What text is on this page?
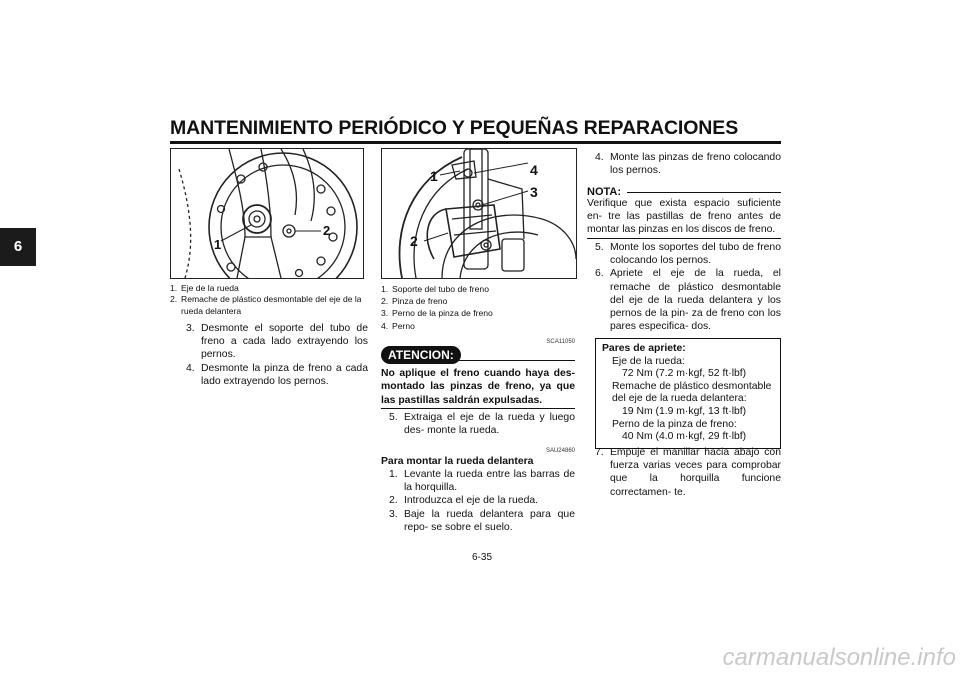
MANTENIMIENTO PERIÓDICO Y PEQUEÑAS REPARACIONES
6	1
2
1. Eje de la rueda
2. Remache de plástico desmontable del eje de la rueda delantera

3. Desmonte el soporte del tubo de freno a cada lado extrayendo los pernos.

4. Desmonte la pinza de freno a cada lado extrayendo los pernos.

1
2
3
4
1. Soporte del tubo de freno
2. Pinza de freno
3. Perno de la pinza de freno
4. Perno
SCA11050
ATENCION:
No aplique el freno cuando haya des- montado las pinzas de freno, ya que las pastillas saldrán expulsadas.

5. Extraiga el eje de la rueda y luego des- monte la rueda.

SAU24860
Para montar la rueda delantera

1. Levante la rueda entre las barras de la horquilla.

2. Introduzca el eje de la rueda.

3. Baje la rueda delantera para que repo- se sobre el suelo.

4. Monte las pinzas de freno colocando los pernos.

NOTA:
Verifique que exista espacio suficiente en- tre las pastillas de freno antes de montar las pinzas en los discos de freno.

5. Monte los soportes del tubo de freno colocando los pernos.

6. Apriete el eje de la rueda, el remache de plástico desmontable del eje de la rueda delantera y los pernos de la pin- za de freno con los pares especifica- dos.

Pares de apriete:
Eje de la rueda:
72 Nm (7.2 m·kgf, 52 ft·lbf)
Remache de plástico desmontable
del eje de la rueda delantera:
19 Nm (1.9 m·kgf, 13 ft·lbf)
Perno de la pinza de freno:
40 Nm (4.0 m·kgf, 29 ft·lbf)

7. Empuje el manillar hacia abajo con fuerza varias veces para comprobar que la horquilla funcione correctamen- te.

6-35
carmanualsonline.info
